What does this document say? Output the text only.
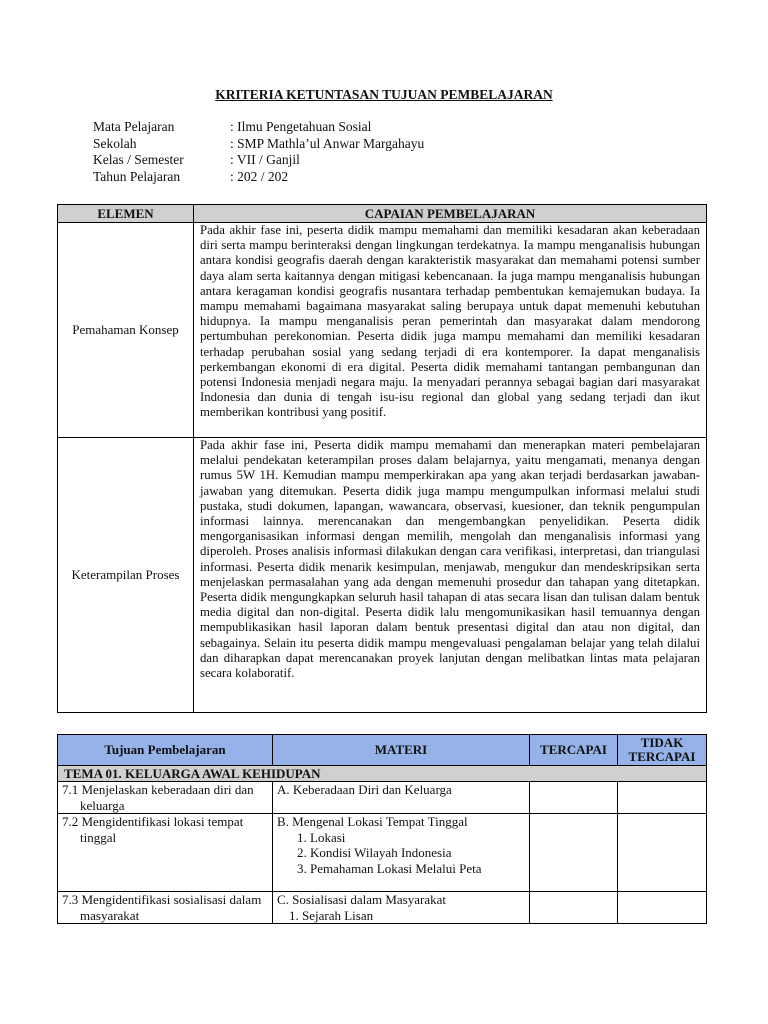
KRITERIA KETUNTASAN TUJUAN PEMBELAJARAN
Mata Pelajaran	: Ilmu Pengetahuan Sosial
Sekolah	: SMP Mathla’ul Anwar Margahayu
Kelas / Semester	: VII / Ganjil
Tahun Pelajaran	: 202 / 202
ELEMEN	CAPAIAN PEMBELAJARAN
Pemahaman Konsep	Pada akhir fase ini, peserta didik mampu memahami dan memiliki kesadaran akan keberadaan diri serta mampu berinteraksi dengan lingkungan terdekatnya. Ia mampu menganalisis hubungan antara kondisi geografis daerah dengan karakteristik masyarakat dan memahami potensi sumber daya alam serta kaitannya dengan mitigasi kebencanaan. Ia juga mampu menganalisis hubungan antara keragaman kondisi geografis nusantara terhadap pembentukan kemajemukan budaya. Ia mampu memahami bagaimana masyarakat saling berupaya untuk dapat memenuhi kebutuhan hidupnya. Ia mampu menganalisis peran pemerintah dan masyarakat dalam mendorong pertumbuhan perekonomian. Peserta didik juga mampu memahami dan memiliki kesadaran terhadap perubahan sosial yang sedang terjadi di era kontemporer. Ia dapat menganalisis perkembangan ekonomi di era digital. Peserta didik memahami tantangan pembangunan dan potensi Indonesia menjadi negara maju. Ia menyadari perannya sebagai bagian dari masyarakat Indonesia dan dunia di tengah isu-isu regional dan global yang sedang terjadi dan ikut memberikan kontribusi yang positif.
Keterampilan Proses	Pada akhir fase ini, Peserta didik mampu memahami dan menerapkan materi pembelajaran melalui pendekatan keterampilan proses dalam belajarnya, yaitu mengamati, menanya dengan rumus 5W 1H. Kemudian mampu memperkirakan apa yang akan terjadi berdasarkan jawaban-jawaban yang ditemukan. Peserta didik juga mampu mengumpulkan informasi melalui studi pustaka, studi dokumen, lapangan, wawancara, observasi, kuesioner, dan teknik pengumpulan informasi lainnya. merencanakan dan mengembangkan penyelidikan. Peserta didik mengorganisasikan informasi dengan memilih, mengolah dan menganalisis informasi yang diperoleh. Proses analisis informasi dilakukan dengan cara verifikasi, interpretasi, dan triangulasi informasi. Peserta didik menarik kesimpulan, menjawab, mengukur dan mendeskripsikan serta menjelaskan permasalahan yang ada dengan memenuhi prosedur dan tahapan yang ditetapkan. Peserta didik mengungkapkan seluruh hasil tahapan di atas secara lisan dan tulisan dalam bentuk media digital dan non-digital. Peserta didik lalu mengomunikasikan hasil temuannya dengan mempublikasikan hasil laporan dalam bentuk presentasi digital dan atau non digital, dan sebagainya. Selain itu peserta didik mampu mengevaluasi pengalaman belajar yang telah dilalui dan diharapkan dapat merencanakan proyek lanjutan dengan melibatkan lintas mata pelajaran secara kolaboratif.
Tujuan Pembelajaran	MATERI	TERCAPAI	TIDAK TERCAPAI
TEMA 01. KELUARGA AWAL KEHIDUPAN			

7.1 Menjelaskan keberadaan diri dan keluarga	A. Keberadaan Diri dan Keluarga		

7.2 Mengidentifikasi lokasi tempat tinggal	B. Mengenal Lokasi Tempat Tinggal
1. Lokasi
2. Kondisi Wilayah Indonesia
3. Pemahaman Lokasi Melalui Peta		

7.3 Mengidentifikasi sosialisasi dalam masyarakat	C. Sosialisasi dalam Masyarakat
1. Sejarah Lisan		
